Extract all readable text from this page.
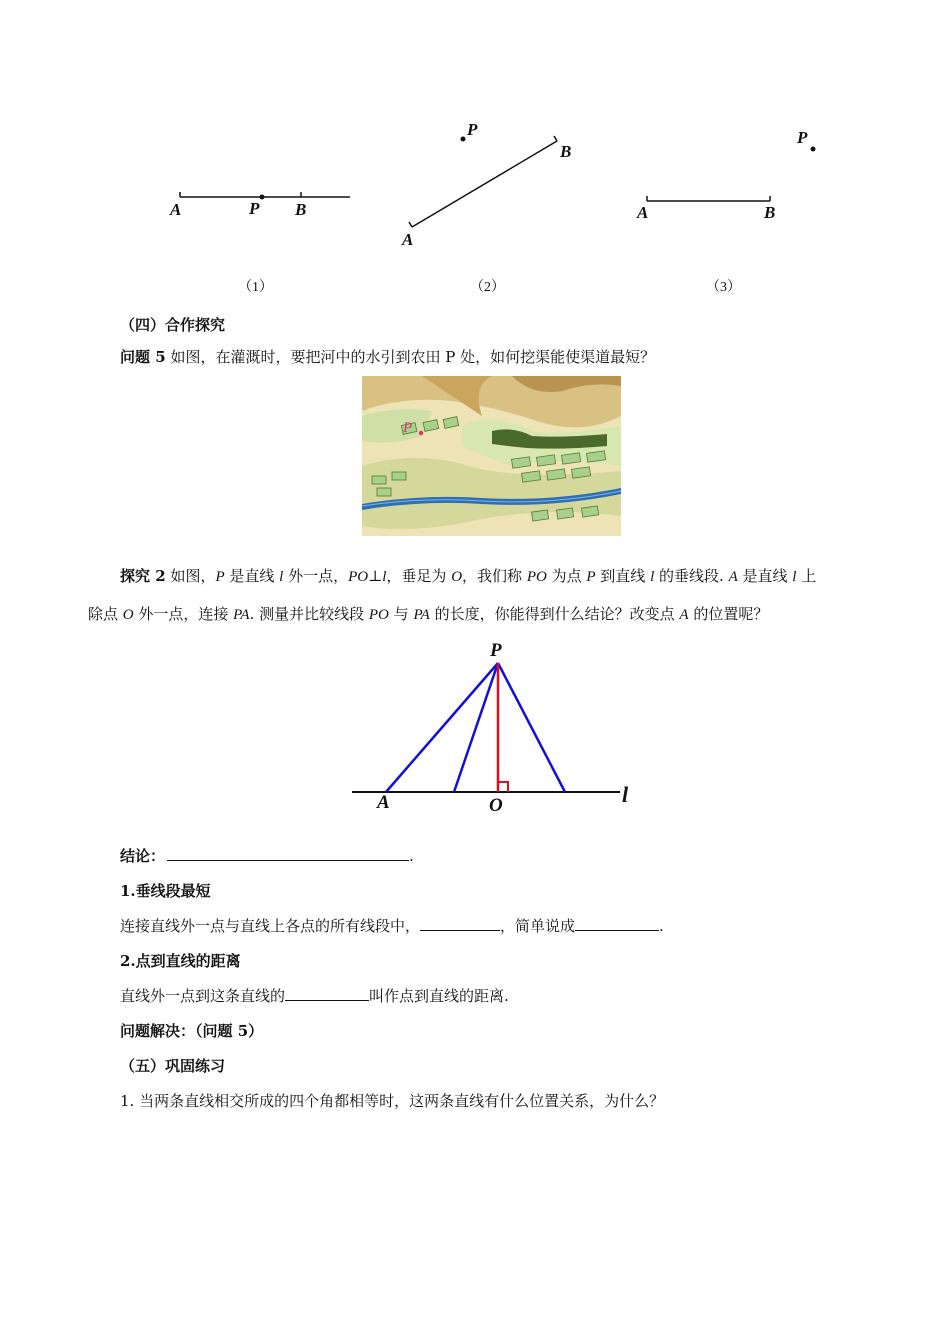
A	P B
（1）
P
B
A
（2）
P
A	B
（3）
（四）合作探究
问题 5 如图，在灌溉时，要把河中的水引到农田 P 处，如何挖渠能使渠道最短？
P
探究 2 如图，P 是直线 l 外一点，PO⊥l，垂足为 O，我们称 PO 为点 P 到直线 l 的垂线段. A 是直线 l 上
除点 O 外一点，连接 PA. 测量并比较线段 PO 与 PA 的长度，你能得到什么结论？改变点 A 的位置呢？
P
A	O	l
结论：	.
1.垂线段最短
连接直线外一点与直线上各点的所有线段中，	，简单说成	.
2.点到直线的距离
直线外一点到这条直线的	叫作点到直线的距离.
问题解决：（问题 5）
（五）巩固练习
1. 当两条直线相交所成的四个角都相等时，这两条直线有什么位置关系，为什么？
